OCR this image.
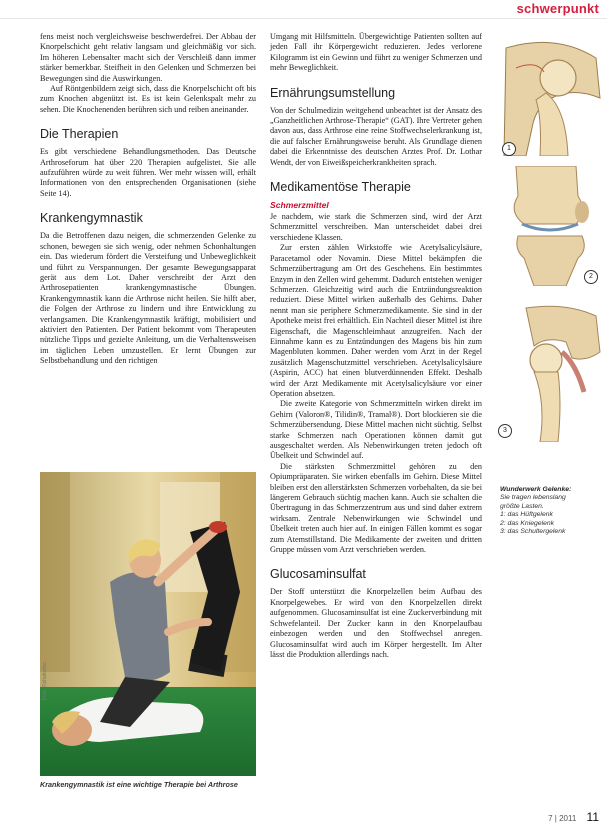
schwerpunkt

fens meist noch vergleichsweise beschwerdefrei. Der Abbau der Knorpelschicht geht relativ langsam und gleichmäßig vor sich. Im höheren Lebensalter macht sich der Verschleiß dann immer stärker bemerkbar. Steifheit in den Gelenken und Schmerzen bei Bewegungen sind die Auswirkungen.

Auf Röntgenbildern zeigt sich, dass die Knorpelschicht oft bis zum Knochen abgenützt ist. Es ist kein Gelenkspalt mehr zu sehen. Die Knochenenden berühren sich und reiben aneinander.

Die Therapien

Es gibt verschiedene Behandlungsmethoden. Das Deutsche Arthroseforum hat über 220 Therapien aufgelistet. Sie alle aufzuführen würde zu weit führen. Wer mehr wissen will, erhält Informationen von den entsprechenden Organisationen (siehe Seite 14).

Krankengymnastik

Da die Betroffenen dazu neigen, die schmerzenden Gelenke zu schonen, bewegen sie sich wenig, oder nehmen Schonhaltungen ein. Das wiederum fördert die Versteifung und Unbeweglichkeit und führt zu Verspannungen. Der gesamte Bewegungsapparat gerät aus dem Lot. Daher verschreibt der Arzt den Arthrosepatienten krankengymnastische Übungen. Krankengymnastik kann die Arthrose nicht heilen. Sie hilft aber, die Folgen der Arthrose zu lindern und ihre Entwicklung zu verlangsamen. Die Krankengymnastik kräftigt, mobilisiert und aktiviert den Patienten. Der Patient bekommt vom Therapeuten nützliche Tipps und gezielte Anleitung, um die Verhaltensweisen im täglichen Leben umzustellen. Er lernt Übungen zur Selbstbehandlung und den richtigen

Foto: ©photodisc
Krankengymnastik ist eine wichtige Therapie bei Arthrose

Umgang mit Hilfsmitteln. Übergewichtige Patienten sollten auf jeden Fall ihr Körpergewicht reduzieren. Jedes verlorene Kilogramm ist ein Gewinn und führt zu weniger Schmerzen und mehr Beweglichkeit.

Ernährungsumstellung

Von der Schulmedizin weitgehend unbeachtet ist der Ansatz des „Ganzheitlichen Arthrose-Therapie“ (GAT). Ihre Vertreter gehen davon aus, dass Arthrose eine reine Stoffwechselerkrankung ist, die auf falscher Ernährungsweise beruht. Als Grundlage dienen dabei die Erkenntnisse des deutschen Arztes Prof. Dr. Lothar Wendt, der von Eiweißspeicherkrankheiten sprach.

Medikamentöse Therapie
Schmerzmittel

Je nachdem, wie stark die Schmerzen sind, wird der Arzt Schmerzmittel verschreiben. Man unterscheidet dabei drei verschiedene Klassen.

Zur ersten zählen Wirkstoffe wie Acetylsalicylsäure, Paracetamol oder Novamin. Diese Mittel bekämpfen die Schmerzübertragung am Ort des Geschehens. Ein bestimmtes Enzym in den Zellen wird gehemmt. Dadurch entstehen weniger Schmerzen. Gleichzeitig wird auch die Entzündungsreaktion reduziert. Diese Mittel wirken außerhalb des Gehirns. Daher nennt man sie periphere Schmerzmedikamente. Sie sind in der Apotheke meist frei erhältlich. Ein Nachteil dieser Mittel ist ihre Eigenschaft, die Magenschleimhaut anzugreifen. Nach der Einnahme kann es zu Entzündungen des Magens bis hin zum Magenbluten kommen. Daher werden vom Arzt in der Regel zusätzlich Magenschutzmittel verschrieben. Acetylsalicylsäure (Aspirin, ACC) hat einen blutverdünnenden Effekt. Deshalb wird der Arzt Medikamente mit Acetylsalicylsäure vor einer Operation absetzen.

Die zweite Kategorie von Schmerzmitteln wirken direkt im Gehirn (Valoron®, Tilidin®, Tramal®). Dort blockieren sie die Schmerzübersendung. Diese Mittel machen nicht süchtig. Selbst starke Schmerzen nach Operationen können damit gut ausgeschaltet werden. Als Nebenwirkungen treten jedoch oft Übelkeit und Schwindel auf.

Die stärksten Schmerzmittel gehören zu den Opiumpräparaten. Sie wirken ebenfalls im Gehirn. Diese Mittel bleiben erst den allerstärksten Schmerzen vorbehalten, da sie bei längerem Gebrauch süchtig machen kann. Auch sie schalten die Übertragung in das Schmerzzentrum aus und sind daher extrem wirksam. Zentrale Nebenwirkungen wie Schwindel und Übelkeit treten auch hier auf. In einigen Fällen kommt es sogar zum Atemstillstand. Die Medikamente der zweiten und dritten Gruppe müssen vom Arzt verschrieben werden.

Glucosaminsulfat

Der Stoff unterstützt die Knorpelzellen beim Aufbau des Knorpelgewebes. Er wird von den Knorpelzellen direkt aufgenommen. Glucosaminsulfat ist eine Zuckerverbindung mit Schwefelanteil. Der Zucker kann in den Knorpelaufbau einbezogen werden und den Stoffwechsel anregen. Glucosaminsulfat wird auch im Körper hergestellt. Im Alter lässt die Produktion allerdings nach.

1
2
3
Wunderwerk Gelenke:
Sie tragen lebenslang
größte Lasten.
1: das Hüftgelenk
2: das Kniegelenk
3: das Schultergelenk
7 | 2011 11
